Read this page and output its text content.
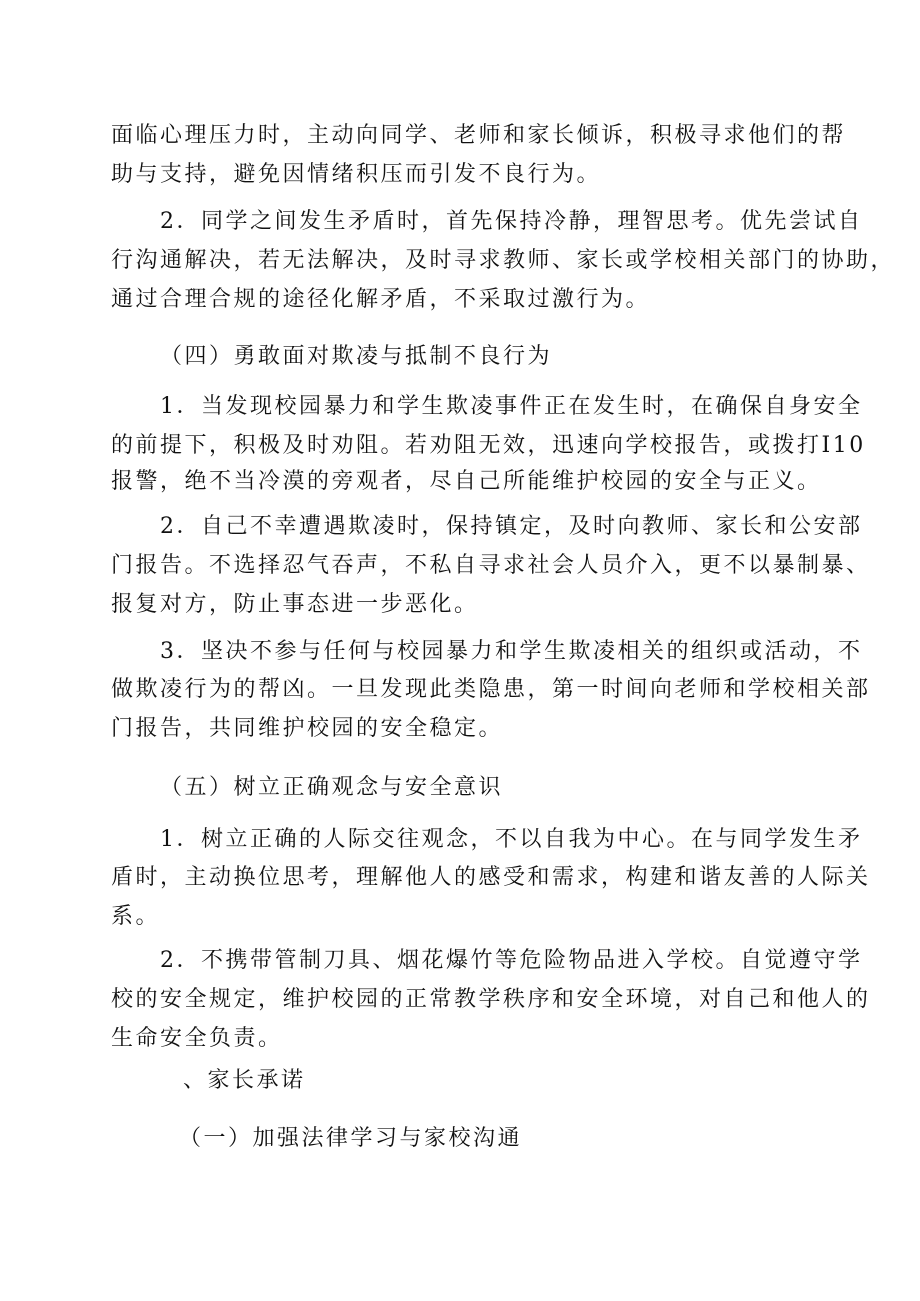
面临心理压力时，主动向同学、老师和家长倾诉，积极寻求他们的帮
助与支持，避免因情绪积压而引发不良行为。
2．同学之间发生矛盾时，首先保持冷静，理智思考。优先尝试自
行沟通解决，若无法解决，及时寻求教师、家长或学校相关部门的协助，
通过合理合规的途径化解矛盾，不采取过激行为。
（四）勇敢面对欺凌与抵制不良行为
1．当发现校园暴力和学生欺凌事件正在发生时，在确保自身安全
的前提下，积极及时劝阻。若劝阻无效，迅速向学校报告，或拨打I10
报警，绝不当冷漠的旁观者，尽自己所能维护校园的安全与正义。
2．自己不幸遭遇欺凌时，保持镇定，及时向教师、家长和公安部
门报告。不选择忍气吞声，不私自寻求社会人员介入，更不以暴制暴、
报复对方，防止事态进一步恶化。
3．坚决不参与任何与校园暴力和学生欺凌相关的组织或活动，不
做欺凌行为的帮凶。一旦发现此类隐患，第一时间向老师和学校相关部
门报告，共同维护校园的安全稳定。
（五）树立正确观念与安全意识
1．树立正确的人际交往观念，不以自我为中心。在与同学发生矛
盾时，主动换位思考，理解他人的感受和需求，构建和谐友善的人际关
系。
2．不携带管制刀具、烟花爆竹等危险物品进入学校。自觉遵守学
校的安全规定，维护校园的正常教学秩序和安全环境，对自己和他人的
生命安全负责。
、家长承诺
（一）加强法律学习与家校沟通
